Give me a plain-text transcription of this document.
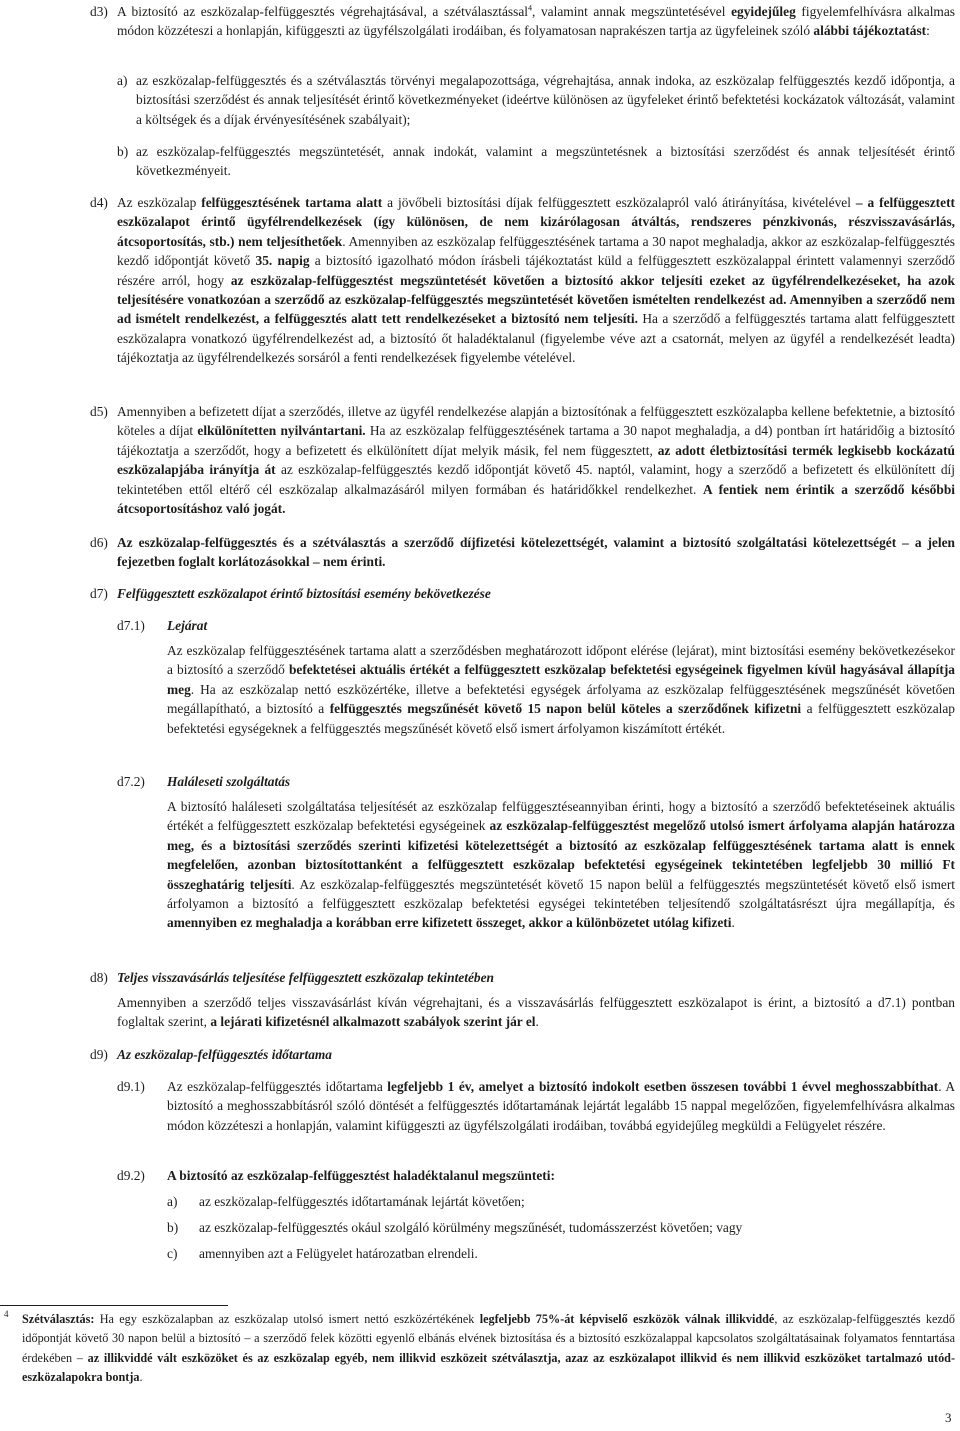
d3) A biztosító az eszközalap-felfüggesztés végrehajtásával, a szétválasztással$^4$, valamint annak megszüntetésével egyidejűleg figyelemfelhívásra alkalmas módon közzéteszi a honlapján, kifüggeszti az ügyfélszolgálati irodáiban, és folyamatosan naprakészen tartja az ügyfeleinek szóló alábbi tájékoztatást:
a) az eszközalap-felfüggesztés és a szétválasztás törvényi megalapozottsága, végrehajtása, annak indoka, az eszközalap felfüggesztés kezdő időpontja, a biztosítási szerződést és annak teljesítését érintő következményeket (ideértve különösen az ügyfeleket érintő befektetési kockázatok változását, valamint a költségek és a díjak érvényesítésének szabályait);
b) az eszközalap-felfüggesztés megszüntetését, annak indokát, valamint a megszüntetésnek a biztosítási szerződést és annak teljesítését érintő következményeit.
d4) Az eszközalap felfüggesztésének tartama alatt a jövőbeli biztosítási díjak felfüggesztett eszközalapról való átirányítása, kivételével – a felfüggesztett eszközalapot érintő ügyfélrendelkezések (így különösen, de nem kizárólagosan átváltás, rendszeres pénzkivonás, részvisszavásárlás, átcsoportosítás, stb.) nem teljesíthetőek. Amennyiben az eszközalap felfüggesztésének tartama a 30 napot meghaladja, akkor az eszközalap-felfüggesztés kezdő időpontját követő 35. napig a biztosító igazolható módon írásbeli tájékoztatást küld a felfüggesztett eszközalappal érintett valamennyi szerződő részére arról, hogy az eszközalap-felfüggesztést megszüntetését követően a biztosító akkor teljesíti ezeket az ügyfélrendelkezéseket, ha azok teljesítésére vonatkozóan a szerződő az eszközalap-felfüggesztés megszüntetését követően ismételten rendelkezést ad. Amennyiben a szerződő nem ad ismételt rendelkezést, a felfüggesztés alatt tett rendelkezéseket a biztosító nem teljesíti. Ha a szerződő a felfüggesztés tartama alatt felfüggesztett eszközalapra vonatkozó ügyfélrendelkezést ad, a biztosító őt haladéktalanul (figyelembe véve azt a csatornát, melyen az ügyfél a rendelkezését leadta) tájékoztatja az ügyfélrendelkezés sorsáról a fenti rendelkezések figyelembe vételével.
d5) Amennyiben a befizetett díjat a szerződés, illetve az ügyfél rendelkezése alapján a biztosítónak a felfüggesztett eszközalapba kellene befektetnie, a biztosító köteles a díjat elkülönítetten nyilvántartani. Ha az eszközalap felfüggesztésének tartama a 30 napot meghaladja, a d4) pontban írt határidőig a biztosító tájékoztatja a szerződőt, hogy a befizetett és elkülönített díjat melyik másik, fel nem függesztett, az adott életbiztosítási termék legkisebb kockázatú eszközalapjába irányítja át az eszközalap-felfüggesztés kezdő időpontját követő 45. naptól, valamint, hogy a szerződő a befizetett és elkülönített díj tekintetében ettől eltérő cél eszközalap alkalmazásáról milyen formában és határidőkkel rendelkezhet. A fentiek nem érintik a szerződő későbbi átcsoportosításhoz való jogát.
d6) Az eszközalap-felfüggesztés és a szétválasztás a szerződő díjfizetési kötelezettségét, valamint a biztosító szolgáltatási kötelezettségét – a jelen fejezetben foglalt korlátozásokkal – nem érinti.
d7) Felfüggesztett eszközalapot érintő biztosítási esemény bekövetkezése
d7.1) Lejárat
Az eszközalap felfüggesztésének tartama alatt a szerződésben meghatározott időpont elérése (lejárat), mint biztosítási esemény bekövetkezésekor a biztosító a szerződő befektetései aktuális értékét a felfüggesztett eszközalap befektetési egységeinek figyelmen kívül hagyásával állapítja meg. Ha az eszközalap nettó eszközértéke, illetve a befektetési egységek árfolyama az eszközalap felfüggesztésének megszűnését követően megállapítható, a biztosító a felfüggesztés megszűnését követő 15 napon belül köteles a szerződőnek kifizetni a felfüggesztett eszközalap befektetési egységeknek a felfüggesztés megszűnését követő első ismert árfolyamon kiszámított értékét.
d7.2) Haláleseti szolgáltatás
A biztosító haláleseti szolgáltatása teljesítését az eszközalap felfüggesztéseannyiban érinti, hogy a biztosító a szerződő befektetéseinek aktuális értékét a felfüggesztett eszközalap befektetési egységeinek az eszközalap-felfüggesztést megelőző utolsó ismert árfolyama alapján határozza meg, és a biztosítási szerződés szerinti kifizetési kötelezettségét a biztosító az eszközalap felfüggesztésének tartama alatt is ennek megfelelően, azonban biztosítottanként a felfüggesztett eszközalap befektetési egységeinek tekintetében legfeljebb 30 millió Ft összeghatárig teljesíti. Az eszközalap-felfüggesztés megszüntetését követő 15 napon belül a felfüggesztés megszüntetését követő első ismert árfolyamon a biztosító a felfüggesztett eszközalap befektetési egységei tekintetében teljesítendő szolgáltatásrészt újra megállapítja, és amennyiben ez meghaladja a korábban erre kifizetett összeget, akkor a különbözetet utólag kifizeti.
d8) Teljes visszavásárlás teljesítése felfüggesztett eszközalap tekintetében
Amennyiben a szerződő teljes visszavásárlást kíván végrehajtani, és a visszavásárlás felfüggesztett eszközalapot is érint, a biztosító a d7.1) pontban foglaltak szerint, a lejárati kifizetésnél alkalmazott szabályok szerint jár el.
d9) Az eszközalap-felfüggesztés időtartama
d9.1) Az eszközalap-felfüggesztés időtartama legfeljebb 1 év, amelyet a biztosító indokolt esetben összesen további 1 évvel meghosszabbíthat. A biztosító a meghosszabbításról szóló döntését a felfüggesztés időtartamának lejártát legalább 15 nappal megelőzően, figyelemfelhívásra alkalmas módon közzéteszi a honlapján, valamint kifüggeszti az ügyfélszolgálati irodáiban, továbbá egyidejűleg megküldi a Felügyelet részére.
d9.2) A biztosító az eszközalap-felfüggesztést haladéktalanul megszünteti:
a) az eszközalap-felfüggesztés időtartamának lejártát követően;
b) az eszközalap-felfüggesztés okául szolgáló körülmény megszűnését, tudomásszerzést követően; vagy
c) amennyiben azt a Felügyelet határozatban elrendeli.
4 Szétválasztás: Ha egy eszközalapban az eszközalap utolsó ismert nettó eszközértékének legfeljebb 75%-át képviselő eszközök válnak illikviddé, az eszközalap-felfüggesztés kezdő időpontját követő 30 napon belül a biztosító – a szerződő felek közötti egyenlő elbánás elvének biztosítása és a biztosító eszközalappal kapcsolatos szolgáltatásainak folyamatos fenntartása érdekében – az illikviddé vált eszközöket és az eszközalap egyéb, nem illikvid eszközeit szétválasztja, azaz az eszközalapot illikvid és nem illikvid eszközöket tartalmazó utód-eszközalapokra bontja.
3
